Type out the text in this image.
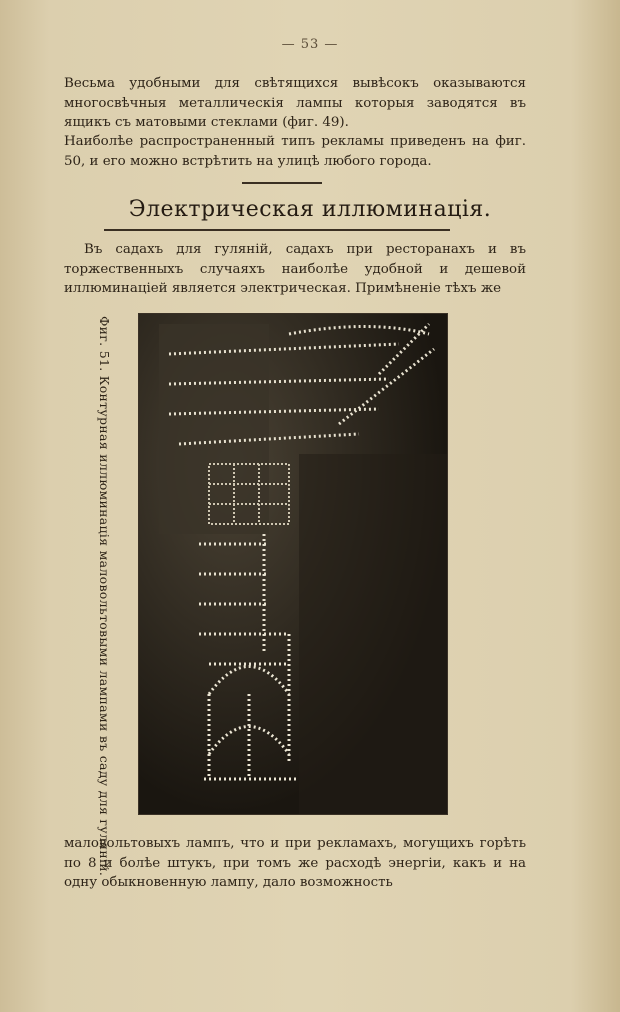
— 53 —
Весьма удобными для свѣтящихся вывѣсокъ оказываются многосвѣчныя металлическія лампы которыя заводятся въ ящикъ съ матовыми стеклами (фиг. 49).
Наиболѣе распространенный типъ рекламы приведенъ на фиг. 50, и его можно встрѣтить на улицѣ любого города.
Электрическая иллюминація.
Въ садахъ для гуляній, садахъ при ресторанахъ и въ торжественныхъ случаяхъ наиболѣе удобной и дешевой иллюминаціей является электрическая. Примѣненіе тѣхъ же
Фиг. 51. Контурная иллюминація маловольтовыми лампами въ саду для гуляній.
маловольтовыхъ лампъ, что и при рекламахъ, могущихъ горѣть по 8 и болѣе штукъ, при томъ же расходѣ энергіи, какъ и на одну обыкновенную лампу, дало возможность
